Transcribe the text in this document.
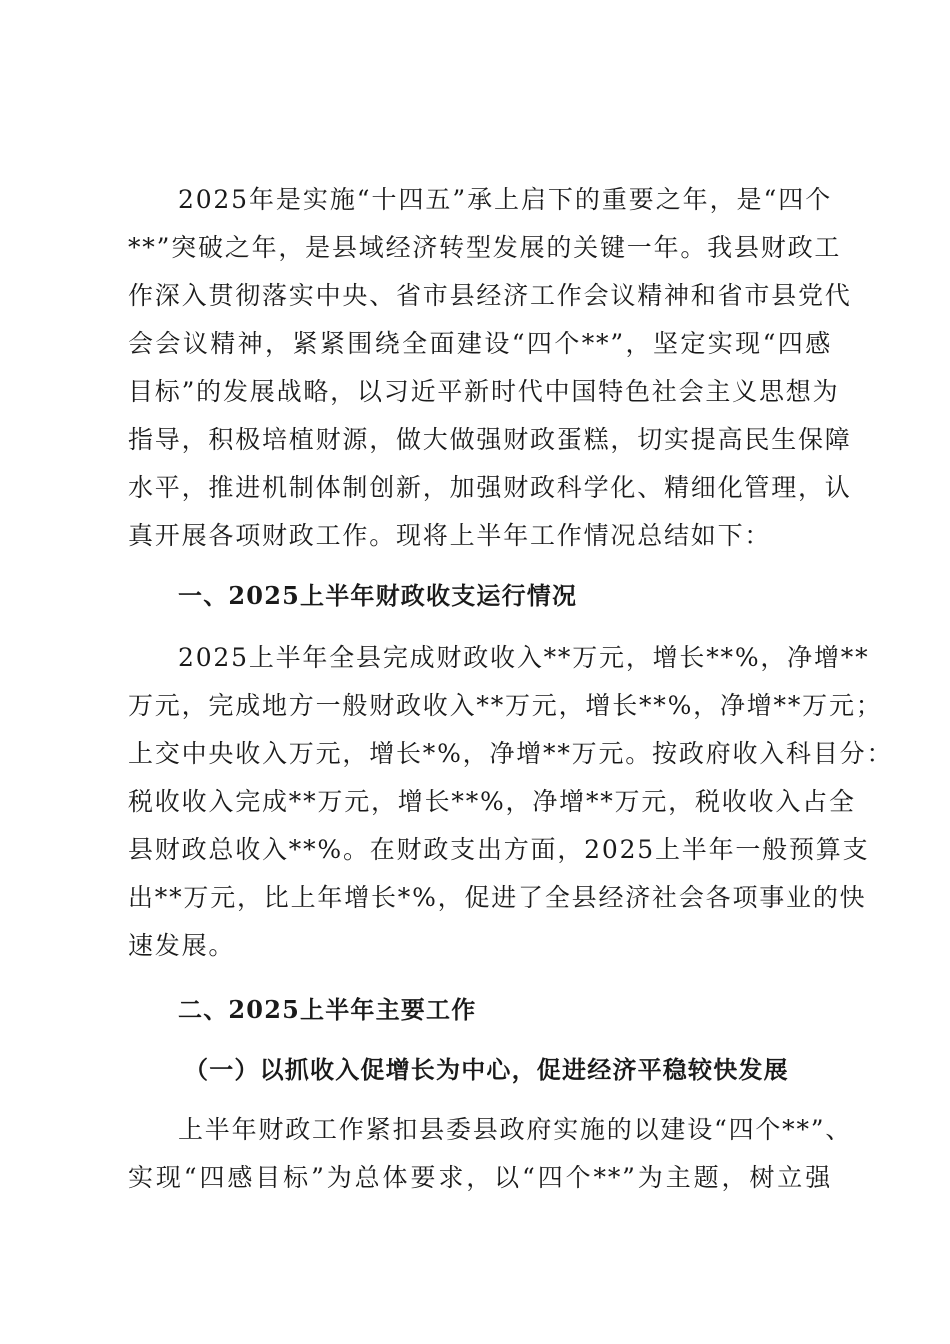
2025年是实施“十四五”承上启下的重要之年，是“四个
**”突破之年，是县域经济转型发展的关键一年。我县财政工
作深入贯彻落实中央、省市县经济工作会议精神和省市县党代
会会议精神，紧紧围绕全面建设“四个**”，坚定实现“四感
目标”的发展战略，以习近平新时代中国特色社会主义思想为
指导，积极培植财源，做大做强财政蛋糕，切实提高民生保障
水平，推进机制体制创新，加强财政科学化、精细化管理，认
真开展各项财政工作。现将上半年工作情况总结如下：
一、2025上半年财政收支运行情况
2025上半年全县完成财政收入**万元，增长**%，净增**
万元，完成地方一般财政收入**万元，增长**%，净增**万元；
上交中央收入万元，增长*%，净增**万元。按政府收入科目分：
税收收入完成**万元，增长**%，净增**万元，税收收入占全
县财政总收入**%。在财政支出方面，2025上半年一般预算支
出**万元，比上年增长*%，促进了全县经济社会各项事业的快
速发展。
二、2025上半年主要工作
（一）以抓收入促增长为中心，促进经济平稳较快发展
上半年财政工作紧扣县委县政府实施的以建设“四个**”、
实现“四感目标”为总体要求，以“四个**”为主题，树立强
